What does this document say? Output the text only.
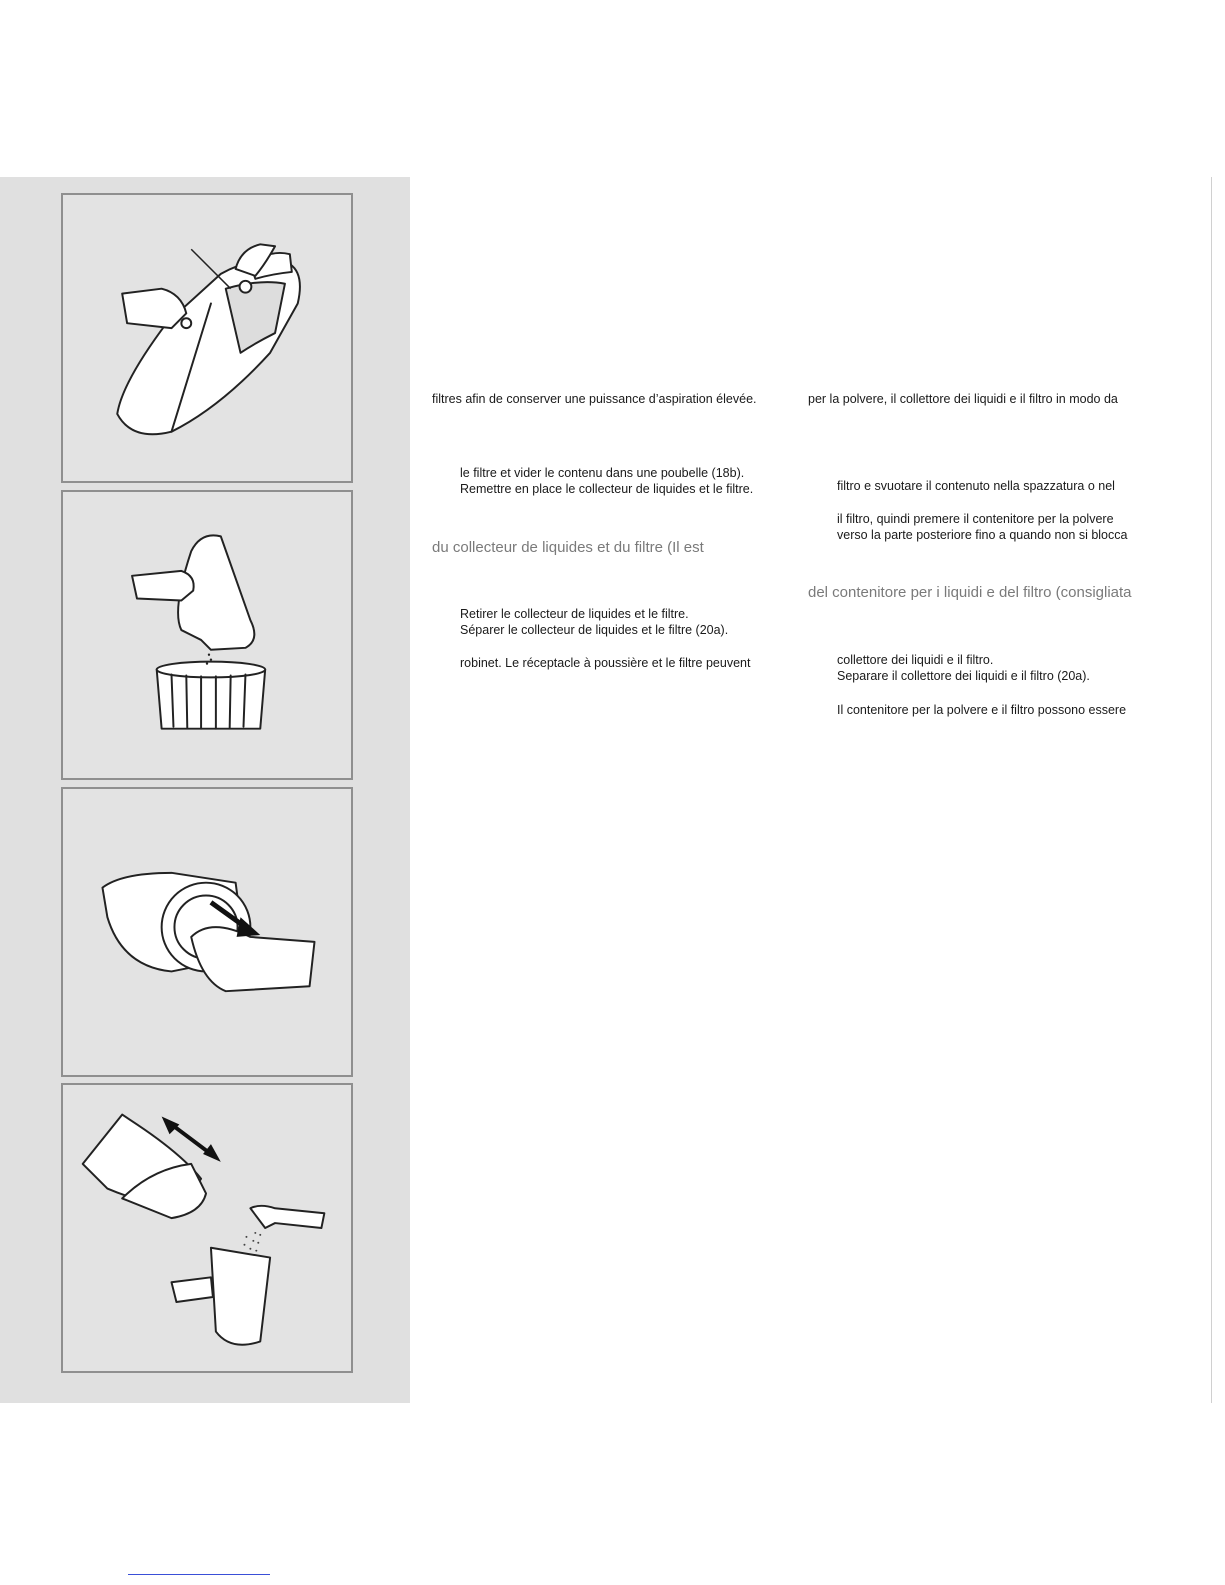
filtres afin de conserver une puissance d’aspiration élevée.
le filtre et vider le contenu dans une poubelle (18b).
Remettre en place le collecteur de liquides et le filtre.
du collecteur de liquides et du filtre (Il est
Retirer le collecteur de liquides et le filtre.
Séparer le collecteur de liquides et le filtre (20a).
robinet. Le réceptacle à poussière et le filtre peuvent
per la polvere, il collettore dei liquidi e il filtro in modo da
filtro e svuotare il contenuto nella spazzatura o nel
il filtro, quindi premere il contenitore per la polvere
verso la parte posteriore fino a quando non si blocca
del contenitore per i liquidi e del filtro (consigliata
collettore dei liquidi e il filtro.
Separare il collettore dei liquidi e il filtro (20a).
Il contenitore per la polvere e il filtro possono essere
